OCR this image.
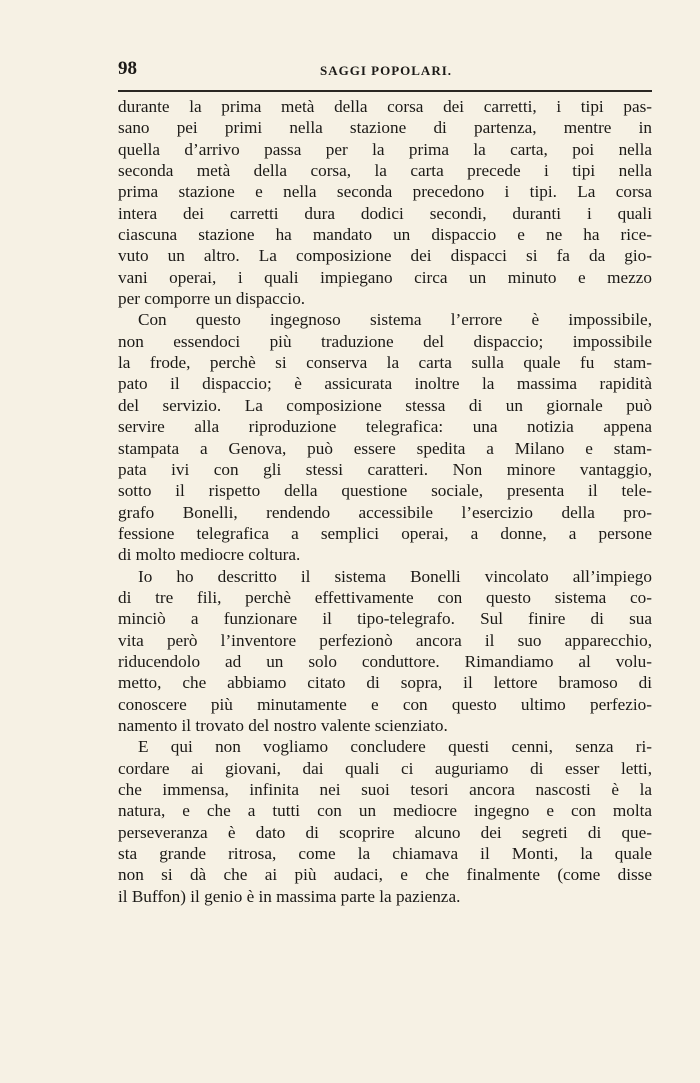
98	SAGGI POPOLARI.
durante la prima metà della corsa dei carretti, i tipi pas-
sano pei primi nella stazione di partenza, mentre in
quella d’arrivo passa per la prima la carta, poi nella
seconda metà della corsa, la carta precede i tipi nella
prima stazione e nella seconda precedono i tipi. La corsa
intera dei carretti dura dodici secondi, duranti i quali
ciascuna stazione ha mandato un dispaccio e ne ha rice-
vuto un altro. La composizione dei dispacci si fa da gio-
vani operai, i quali impiegano circa un minuto e mezzo
per comporre un dispaccio.
Con questo ingegnoso sistema l’errore è impossibile,
non essendoci più traduzione del dispaccio; impossibile
la frode, perchè si conserva la carta sulla quale fu stam-
pato il dispaccio; è assicurata inoltre la massima rapidità
del servizio. La composizione stessa di un giornale può
servire alla riproduzione telegrafica: una notizia appena
stampata a Genova, può essere spedita a Milano e stam-
pata ivi con gli stessi caratteri. Non minore vantaggio,
sotto il rispetto della questione sociale, presenta il tele-
grafo Bonelli, rendendo accessibile l’esercizio della pro-
fessione telegrafica a semplici operai, a donne, a persone
di molto mediocre coltura.
Io ho descritto il sistema Bonelli vincolato all’impiego
di tre fili, perchè effettivamente con questo sistema co-
minciò a funzionare il tipo-telegrafo. Sul finire di sua
vita però l’inventore perfezionò ancora il suo apparecchio,
riducendolo ad un solo conduttore. Rimandiamo al volu-
metto, che abbiamo citato di sopra, il lettore bramoso di
conoscere più minutamente e con questo ultimo perfezio-
namento il trovato del nostro valente scienziato.
E qui non vogliamo concludere questi cenni, senza ri-
cordare ai giovani, dai quali ci auguriamo di esser letti,
che immensa, infinita nei suoi tesori ancora nascosti è la
natura, e che a tutti con un mediocre ingegno e con molta
perseveranza è dato di scoprire alcuno dei segreti di que-
sta grande ritrosa, come la chiamava il Monti, la quale
non si dà che ai più audaci, e che finalmente (come disse
il Buffon) il genio è in massima parte la pazienza.
